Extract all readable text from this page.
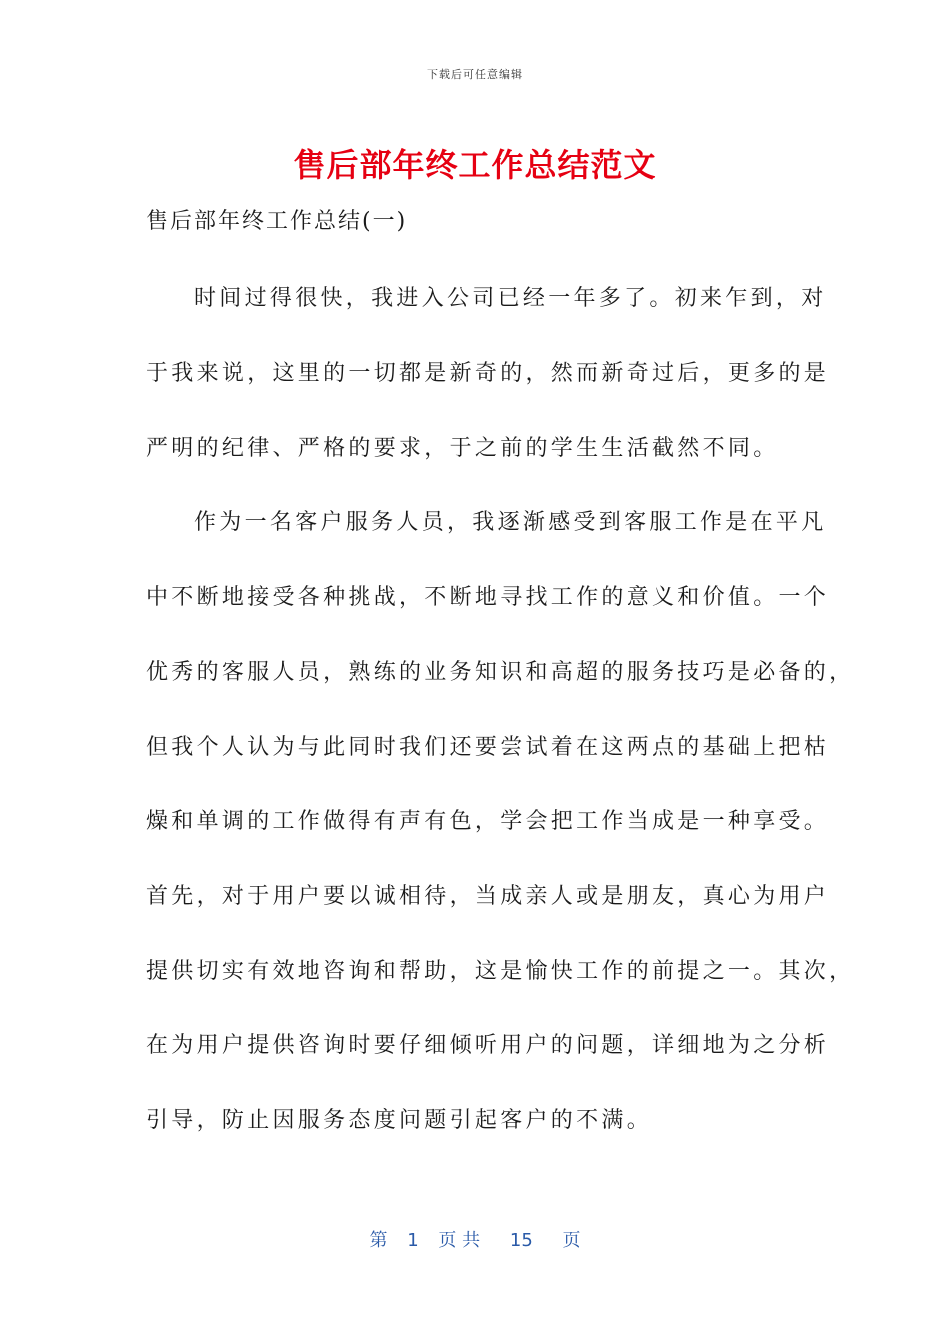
下载后可任意编辑
售后部年终工作总结范文
售后部年终工作总结(一)
时间过得很快，我进入公司已经一年多了。初来乍到，对
于我来说，这里的一切都是新奇的，然而新奇过后，更多的是
严明的纪律、严格的要求，于之前的学生生活截然不同。
作为一名客户服务人员，我逐渐感受到客服工作是在平凡
中不断地接受各种挑战，不断地寻找工作的意义和价值。一个
优秀的客服人员，熟练的业务知识和高超的服务技巧是必备的，
但我个人认为与此同时我们还要尝试着在这两点的基础上把枯
燥和单调的工作做得有声有色，学会把工作当成是一种享受。
首先，对于用户要以诚相待，当成亲人或是朋友，真心为用户
提供切实有效地咨询和帮助，这是愉快工作的前提之一。其次，
在为用户提供咨询时要仔细倾听用户的问题，详细地为之分析
引导，防止因服务态度问题引起客户的不满。
第 1 页 共 15 页
